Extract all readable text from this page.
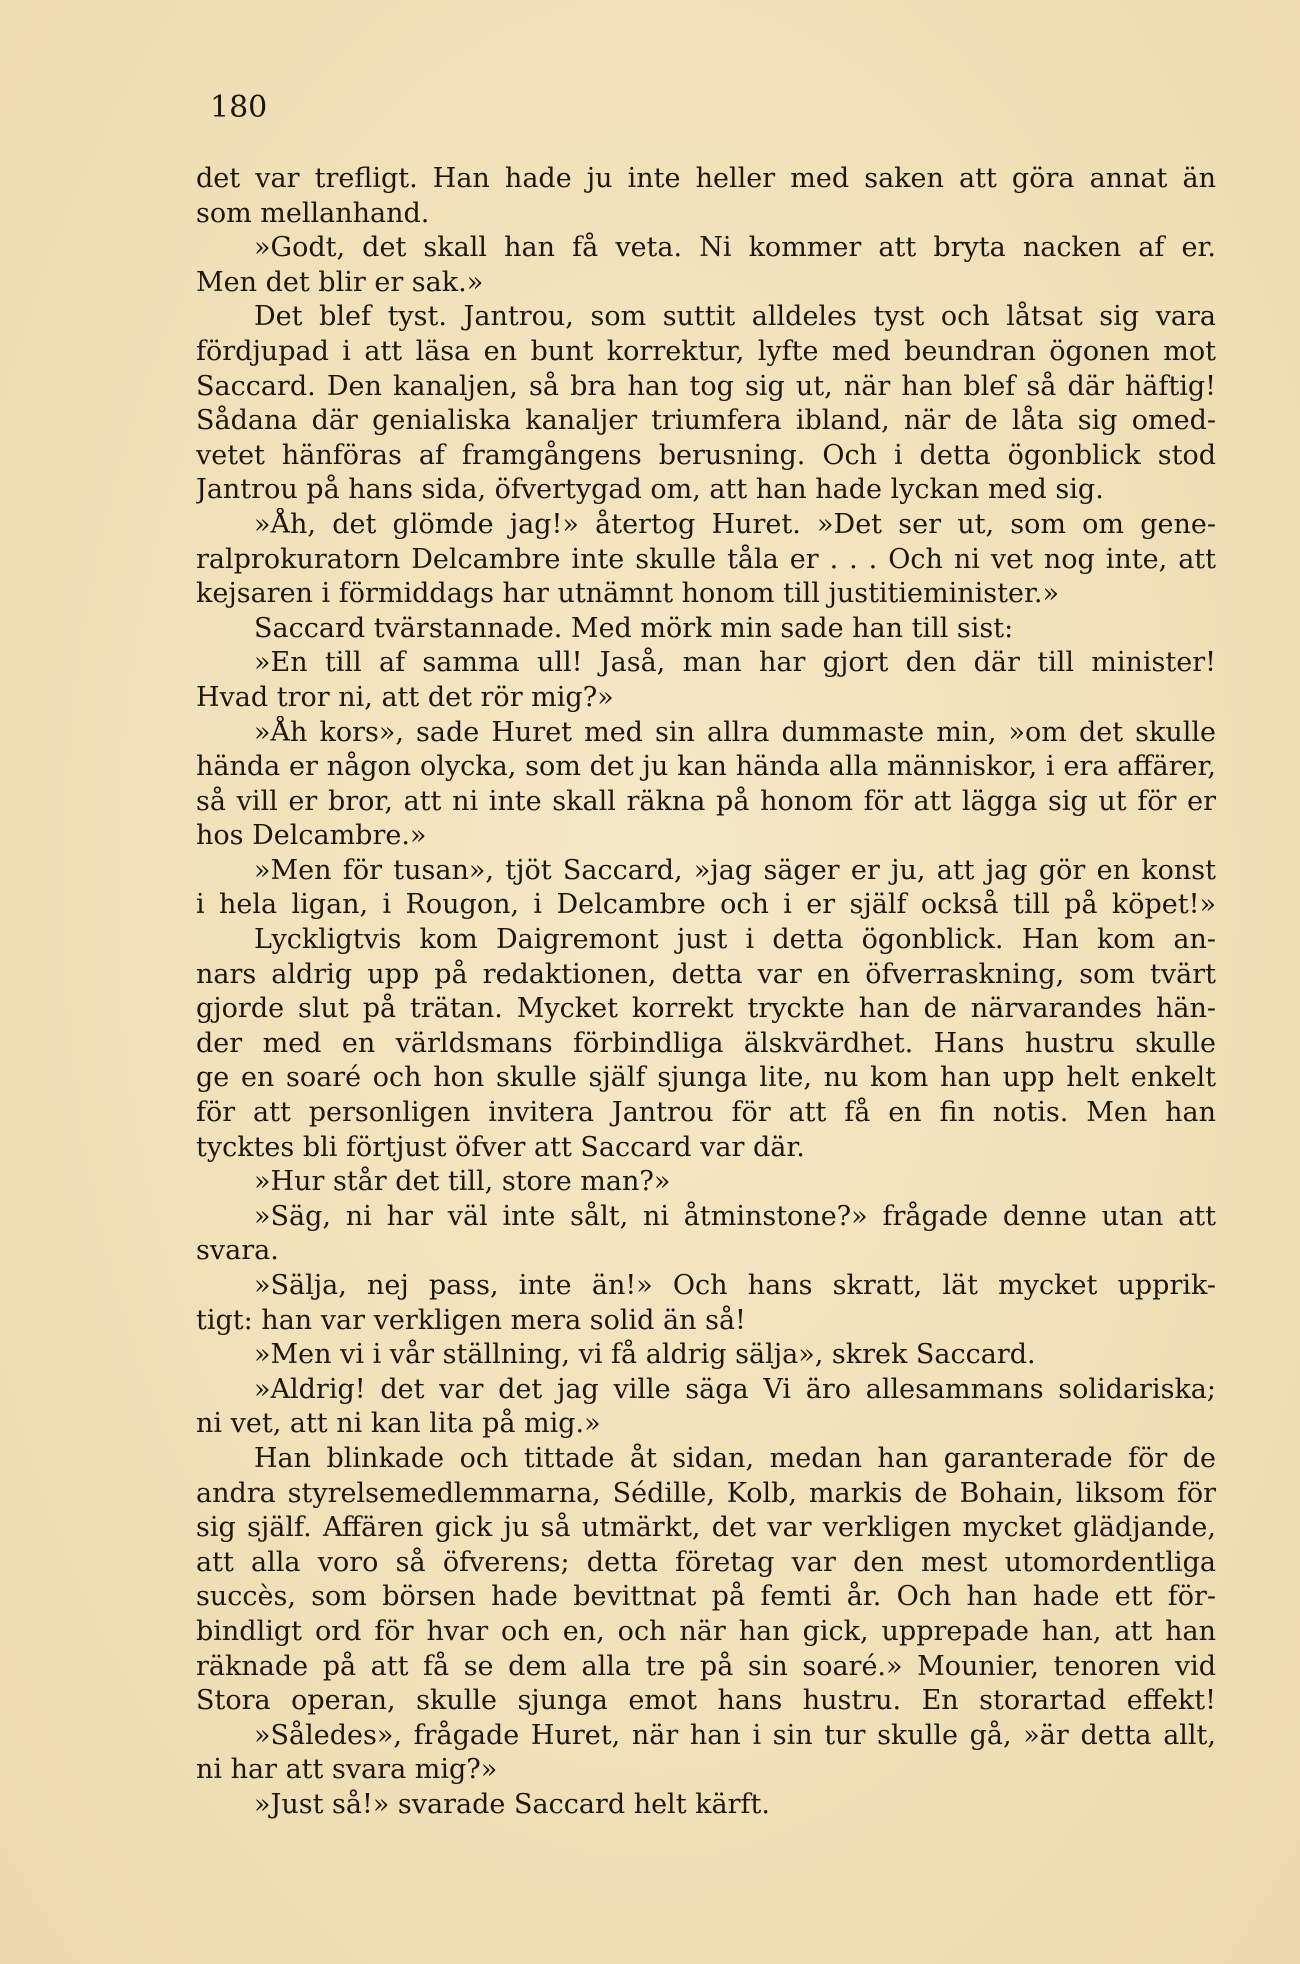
180
det var trefligt. Han hade ju inte heller med saken att göra annat än
som mellanhand.
»Godt, det skall han få veta. Ni kommer att bryta nacken af er.
Men det blir er sak.»
Det blef tyst. Jantrou, som suttit alldeles tyst och låtsat sig vara
fördjupad i att läsa en bunt korrektur, lyfte med beundran ögonen mot
Saccard. Den kanaljen, så bra han tog sig ut, när han blef så där häftig!
Sådana där genialiska kanaljer triumfera ibland, när de låta sig omed-
vetet hänföras af framgångens berusning. Och i detta ögonblick stod
Jantrou på hans sida, öfvertygad om, att han hade lyckan med sig.
»Åh, det glömde jag!» återtog Huret. »Det ser ut, som om gene-
ralprokuratorn Delcambre inte skulle tåla er . . . Och ni vet nog inte, att
kejsaren i förmiddags har utnämnt honom till justitieminister.»
Saccard tvärstannade. Med mörk min sade han till sist:
»En till af samma ull! Jaså, man har gjort den där till minister!
Hvad tror ni, att det rör mig?»
»Åh kors», sade Huret med sin allra dummaste min, »om det skulle
hända er någon olycka, som det ju kan hända alla människor, i era affärer,
så vill er bror, att ni inte skall räkna på honom för att lägga sig ut för er
hos Delcambre.»
»Men för tusan», tjöt Saccard, »jag säger er ju, att jag gör en konst
i hela ligan, i Rougon, i Delcambre och i er själf också till på köpet!»
Lyckligtvis kom Daigremont just i detta ögonblick. Han kom an-
nars aldrig upp på redaktionen, detta var en öfverraskning, som tvärt
gjorde slut på trätan. Mycket korrekt tryckte han de närvarandes hän-
der med en världsmans förbindliga älskvärdhet. Hans hustru skulle
ge en soaré och hon skulle själf sjunga lite, nu kom han upp helt enkelt
för att personligen invitera Jantrou för att få en fin notis. Men han
tycktes bli förtjust öfver att Saccard var där.
»Hur står det till, store man?»
»Säg, ni har väl inte sålt, ni åtminstone?» frågade denne utan att
svara.
»Sälja, nej pass, inte än!» Och hans skratt, lät mycket upprik-
tigt: han var verkligen mera solid än så!
»Men vi i vår ställning, vi få aldrig sälja», skrek Saccard.
»Aldrig! det var det jag ville säga Vi äro allesammans solidariska;
ni vet, att ni kan lita på mig.»
Han blinkade och tittade åt sidan, medan han garanterade för de
andra styrelsemedlemmarna, Sédille, Kolb, markis de Bohain, liksom för
sig själf. Affären gick ju så utmärkt, det var verkligen mycket glädjande,
att alla voro så öfverens; detta företag var den mest utomordentliga
succès, som börsen hade bevittnat på femti år. Och han hade ett för-
bindligt ord för hvar och en, och när han gick, upprepade han, att han
räknade på att få se dem alla tre på sin soaré.» Mounier, tenoren vid
Stora operan, skulle sjunga emot hans hustru. En storartad effekt!
»Således», frågade Huret, när han i sin tur skulle gå, »är detta allt,
ni har att svara mig?»
»Just så!» svarade Saccard helt kärft.
